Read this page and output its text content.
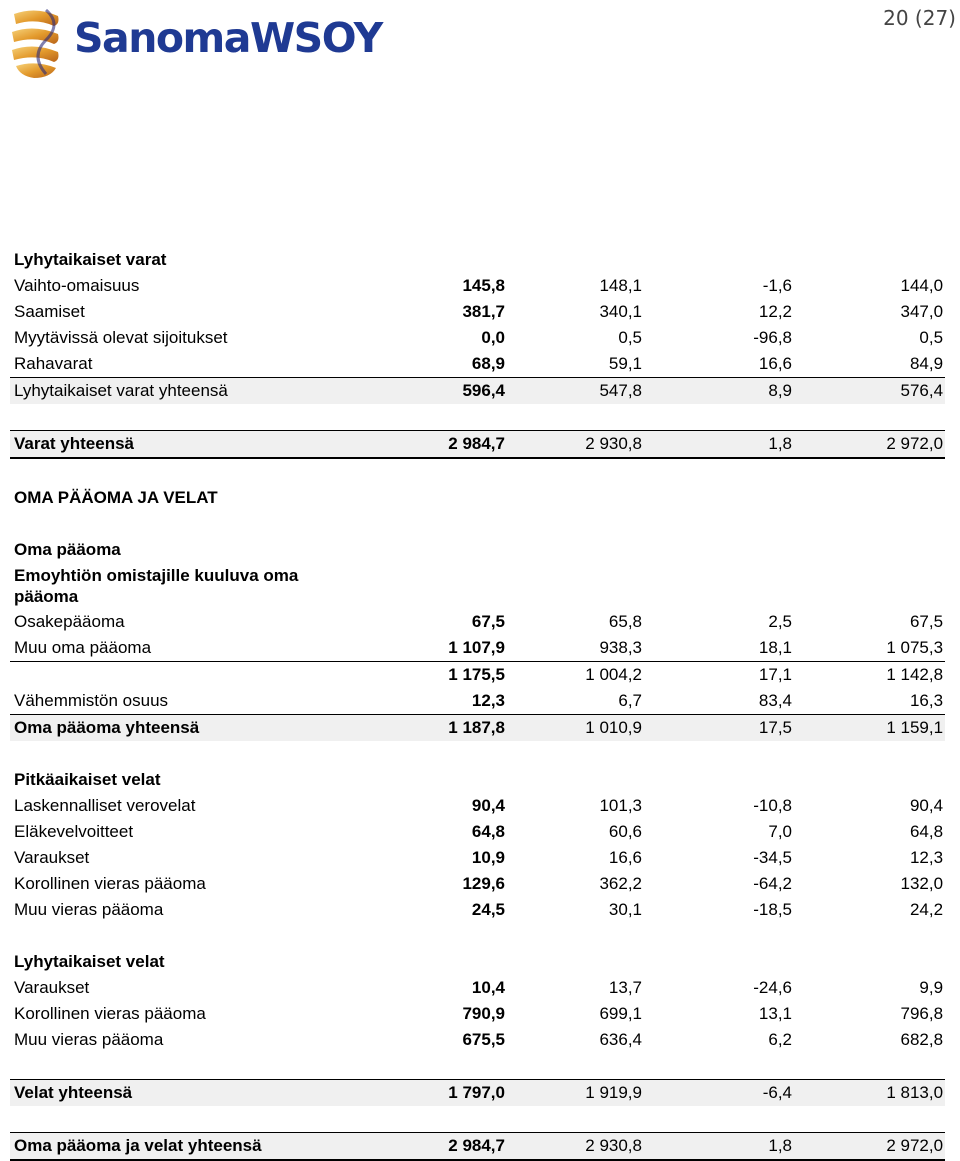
SanomaWSOY	20 (27)

Lyhytaikaiset varat				
Vaihto-omaisuus	145,8	148,1	-1,6	144,0
Saamiset	381,7	340,1	12,2	347,0
Myytävissä olevat sijoitukset	0,0	0,5	-96,8	0,5
Rahavarat	68,9	59,1	16,6	84,9
Lyhytaikaiset varat yhteensä	596,4	547,8	8,9	576,4

Varat yhteensä	2 984,7	2 930,8	1,8	2 972,0

OMA PÄÄOMA JA VELAT				

Oma pääoma				
Emoyhtiön omistajille kuuluva oma pääoma				
Osakepääoma	67,5	65,8	2,5	67,5
Muu oma pääoma	1 107,9	938,3	18,1	1 075,3
	1 175,5	1 004,2	17,1	1 142,8
Vähemmistön osuus	12,3	6,7	83,4	16,3
Oma pääoma yhteensä	1 187,8	1 010,9	17,5	1 159,1

Pitkäaikaiset velat				
Laskennalliset verovelat	90,4	101,3	-10,8	90,4
Eläkevelvoitteet	64,8	60,6	7,0	64,8
Varaukset	10,9	16,6	-34,5	12,3
Korollinen vieras pääoma	129,6	362,2	-64,2	132,0
Muu vieras pääoma	24,5	30,1	-18,5	24,2

Lyhytaikaiset velat				
Varaukset	10,4	13,7	-24,6	9,9
Korollinen vieras pääoma	790,9	699,1	13,1	796,8
Muu vieras pääoma	675,5	636,4	6,2	682,8

Velat yhteensä	1 797,0	1 919,9	-6,4	1 813,0

Oma pääoma ja velat yhteensä	2 984,7	2 930,8	1,8	2 972,0
